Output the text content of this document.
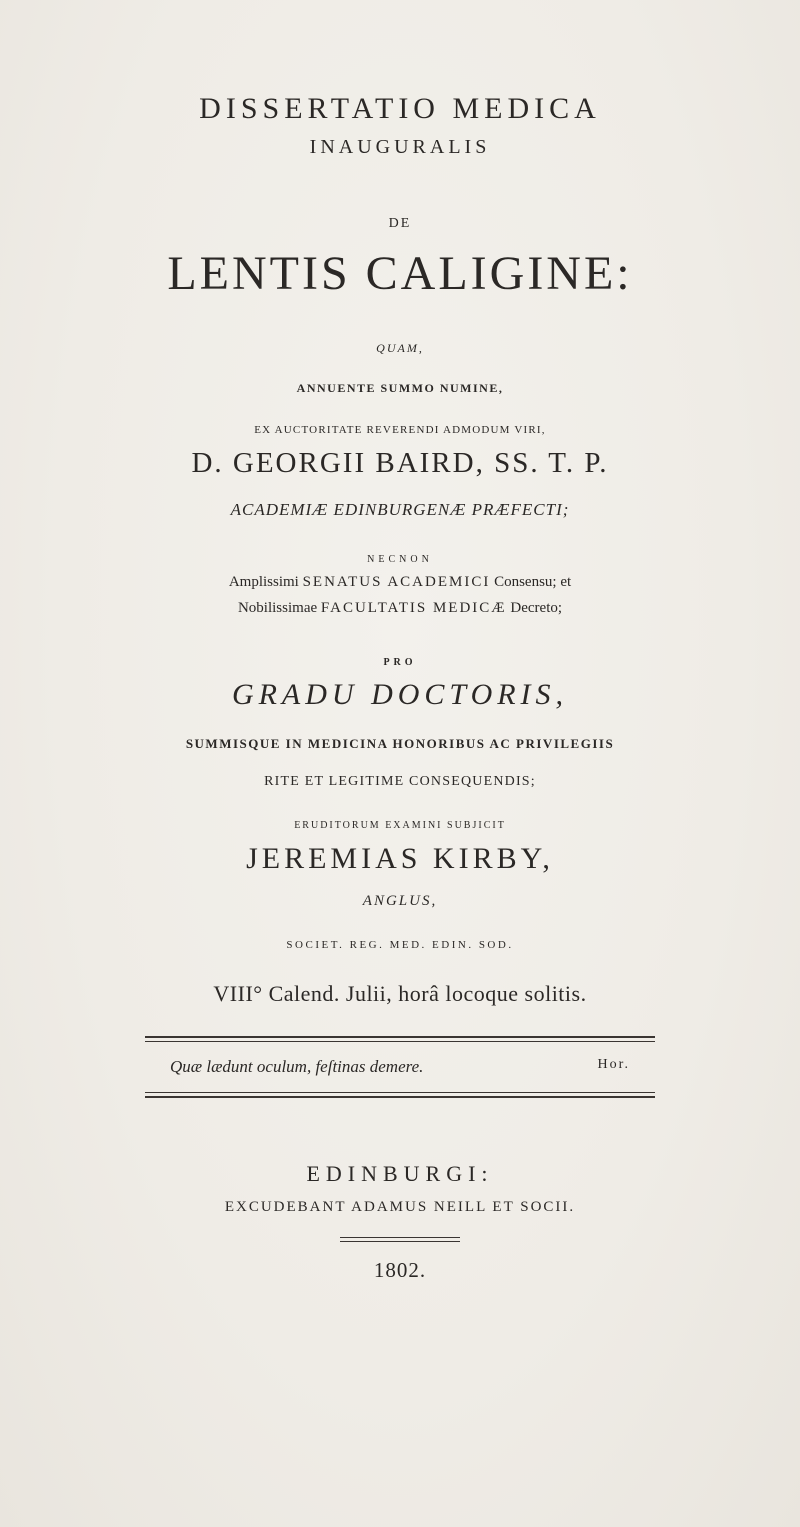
DISSERTATIO MEDICA
INAUGURALIS
DE
LENTIS CALIGINE:
QUAM,
ANNUENTE SUMMO NUMINE,
EX AUCTORITATE REVERENDI ADMODUM VIRI,
D. GEORGII BAIRD, SS. T. P.
ACADEMIÆ EDINBURGENÆ PRÆFECTI;
NECNON
Amplissimi SENATUS ACADEMICI Consensu; et
Nobilissimae FACULTATIS MEDICÆ Decreto;
PRO
GRADU DOCTORIS,
SUMMISQUE IN MEDICINA HONORIBUS AC PRIVILEGIIS
RITE ET LEGITIME CONSEQUENDIS;
ERUDITORUM EXAMINI SUBJICIT
JEREMIAS KIRBY,
ANGLUS,
SOCIET. REG. MED. EDIN. SOD.
VIII° Calend. Julii, horâ locoque solitis.
Quæ lædunt oculum, feſtinas demere.	Hor.
EDINBURGI:
EXCUDEBANT ADAMUS NEILL ET SOCII.
1802.
